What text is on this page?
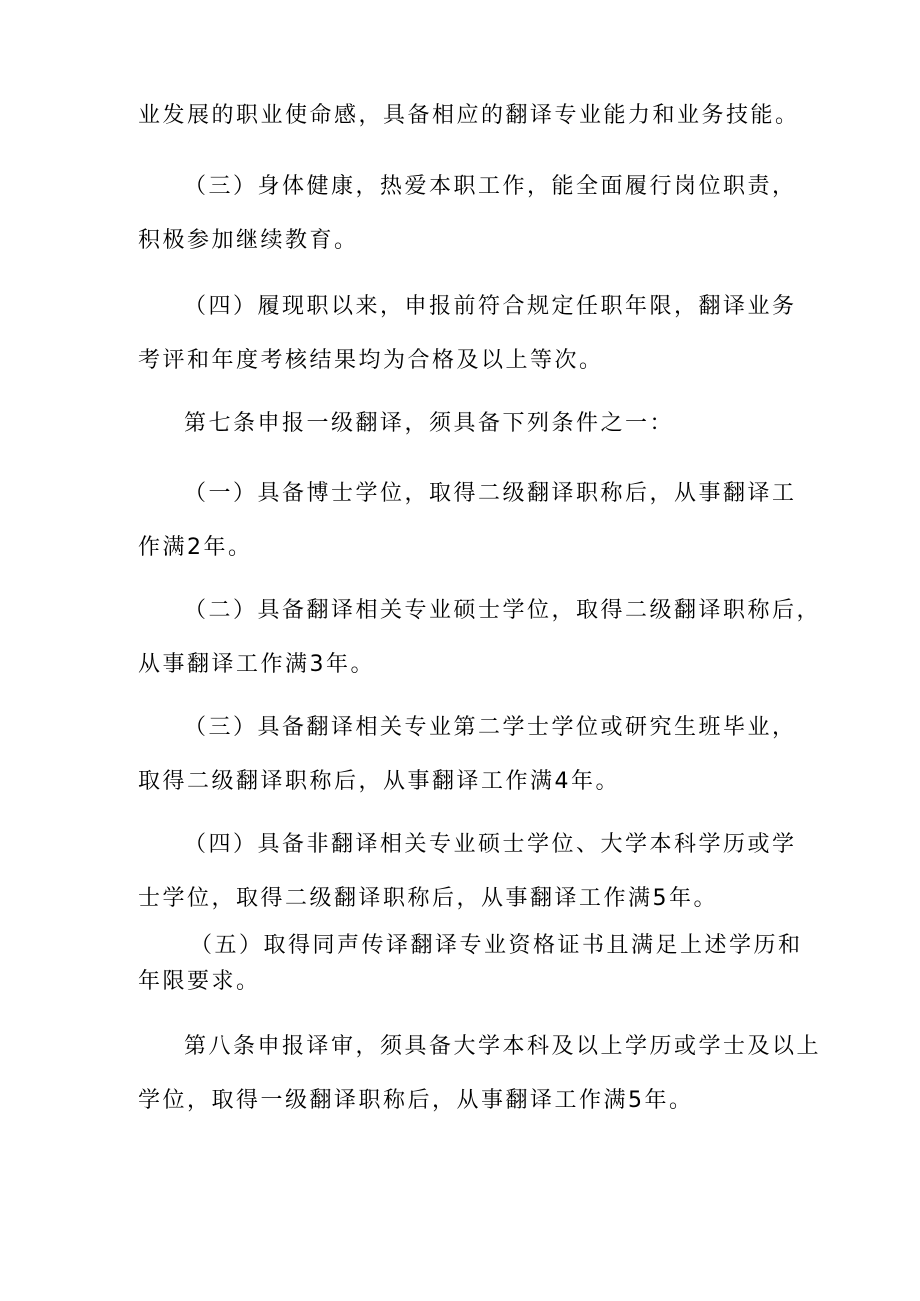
业发展的职业使命感，具备相应的翻译专业能力和业务技能。
（三）身体健康，热爱本职工作，能全面履行岗位职责，
积极参加继续教育。
（四）履现职以来，申报前符合规定任职年限，翻译业务
考评和年度考核结果均为合格及以上等次。
第七条申报一级翻译，须具备下列条件之一：
（一）具备博士学位，取得二级翻译职称后，从事翻译工
作满2年。
（二）具备翻译相关专业硕士学位，取得二级翻译职称后，
从事翻译工作满3年。
（三）具备翻译相关专业第二学士学位或研究生班毕业，
取得二级翻译职称后，从事翻译工作满4年。
（四）具备非翻译相关专业硕士学位、大学本科学历或学
士学位，取得二级翻译职称后，从事翻译工作满5年。
（五）取得同声传译翻译专业资格证书且满足上述学历和
年限要求。
第八条申报译审，须具备大学本科及以上学历或学士及以上
学位，取得一级翻译职称后，从事翻译工作满5年。
